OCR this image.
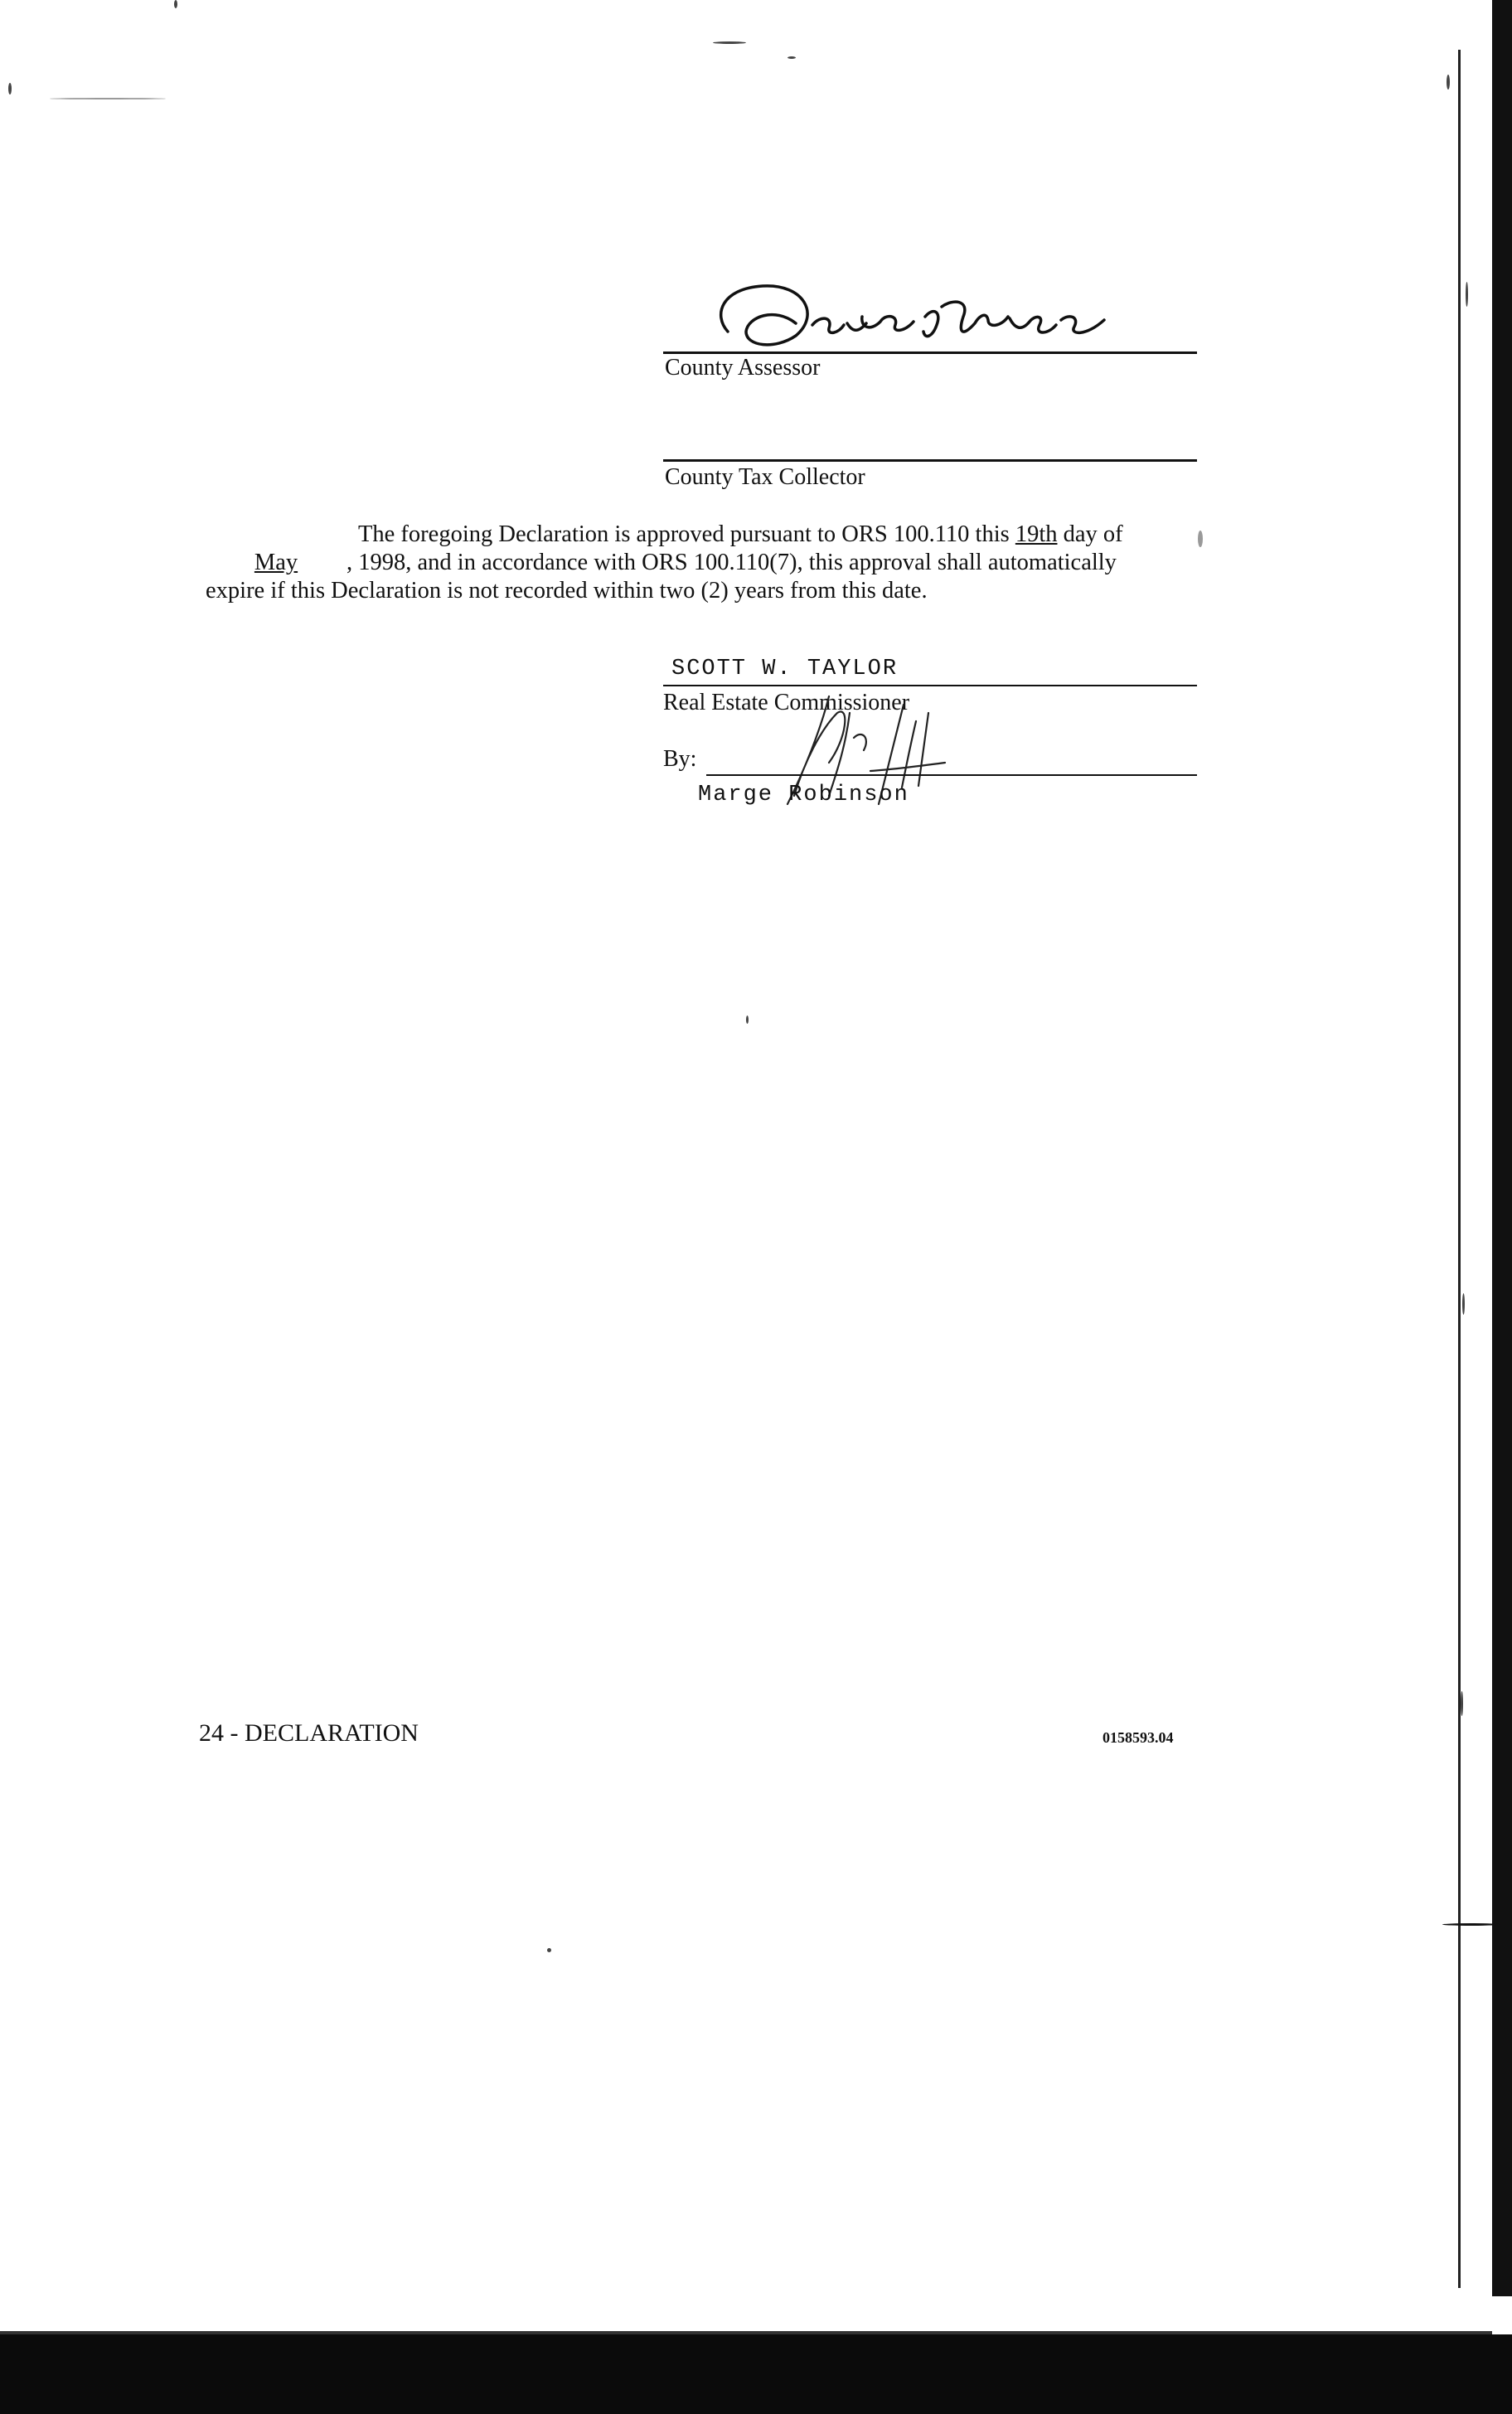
County Assessor
County Tax Collector
The foregoing Declaration is approved pursuant to ORS 100.110 this 19th day of
May , 1998, and in accordance with ORS 100.110(7), this approval shall automatically
expire if this Declaration is not recorded within two (2) years from this date.
SCOTT W. TAYLOR
Real Estate Commissioner
By:
Marge Robinson
24 - DECLARATION	0158593.04
